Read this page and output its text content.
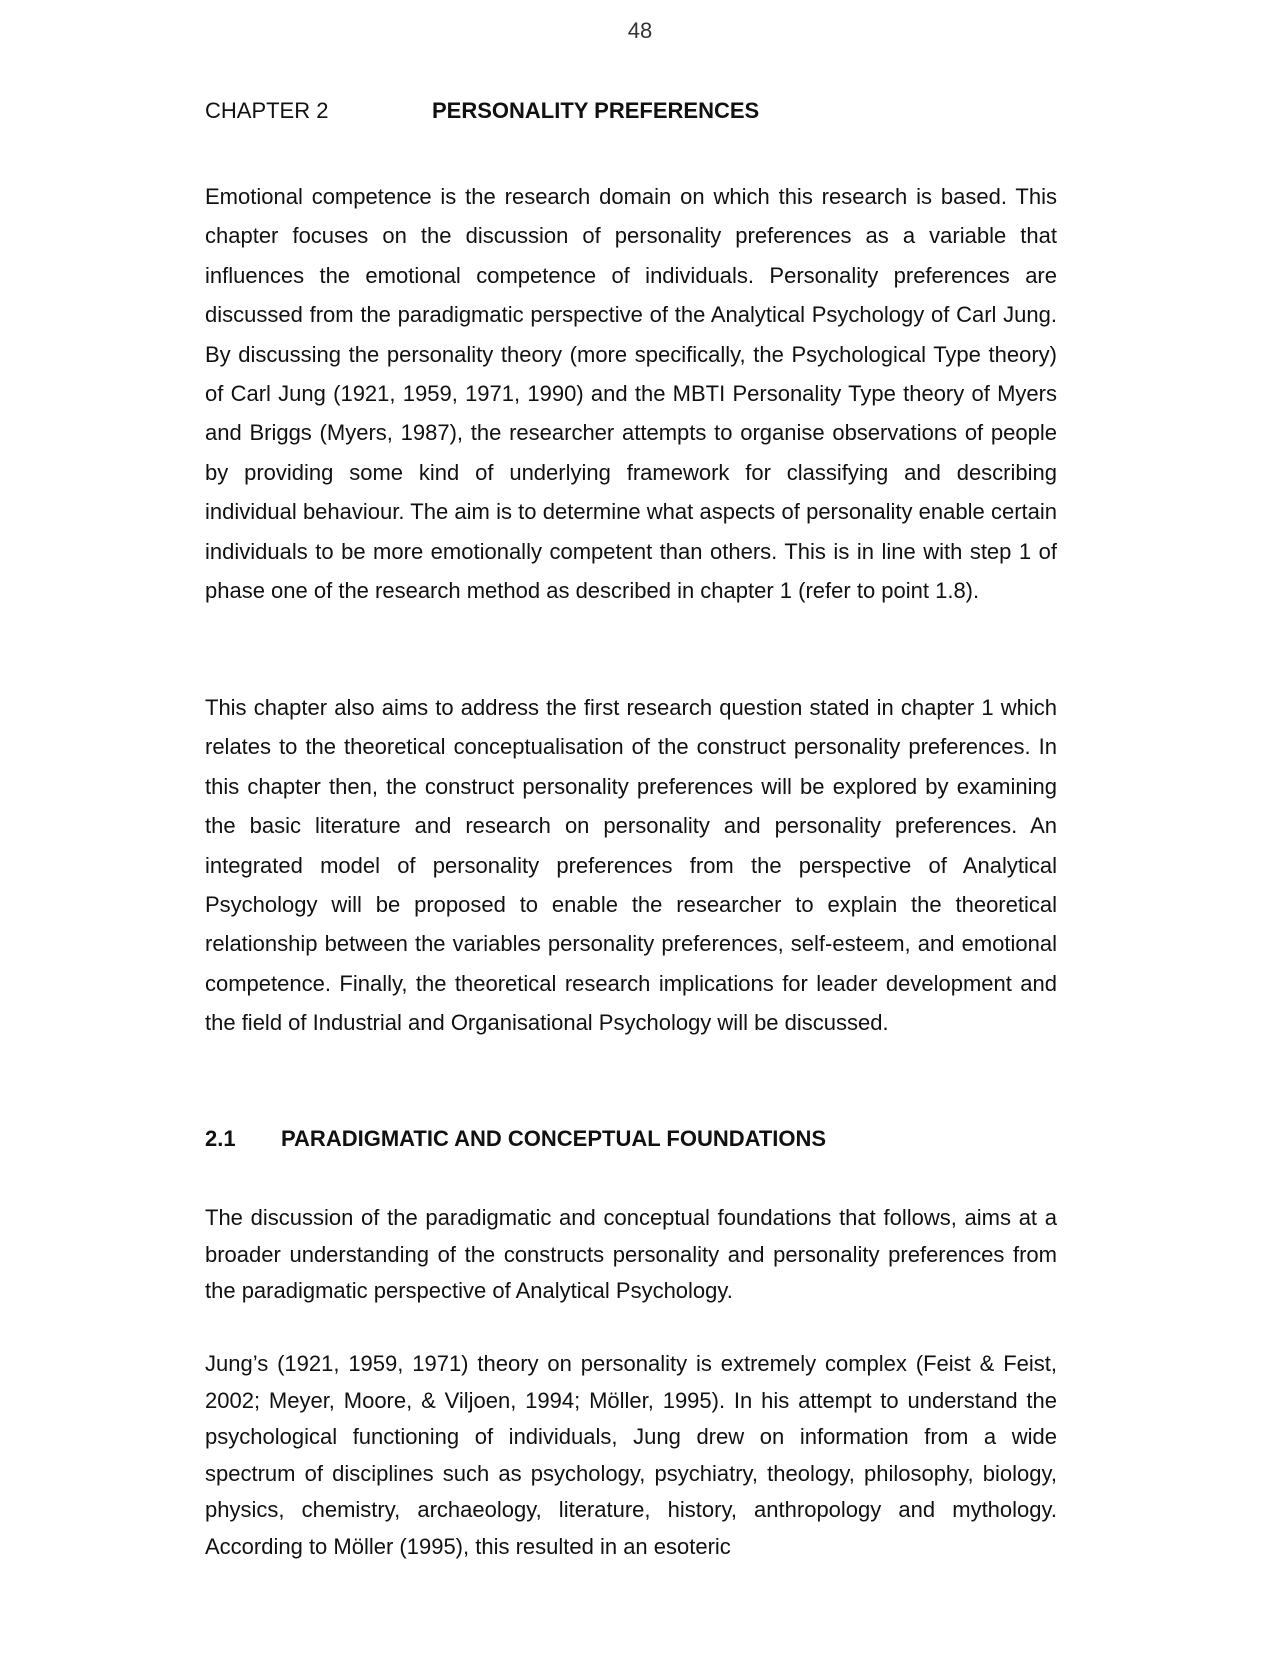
48
CHAPTER 2	PERSONALITY PREFERENCES

Emotional competence is the research domain on which this research is based. This chapter focuses on the discussion of personality preferences as a variable that influences the emotional competence of individuals. Personality preferences are discussed from the paradigmatic perspective of the Analytical Psychology of Carl Jung. By discussing the personality theory (more specifically, the Psychological Type theory) of Carl Jung (1921, 1959, 1971, 1990) and the MBTI Personality Type theory of Myers and Briggs (Myers, 1987), the researcher attempts to organise observations of people by providing some kind of underlying framework for classifying and describing individual behaviour. The aim is to determine what aspects of personality enable certain individuals to be more emotionally competent than others. This is in line with step 1 of phase one of the research method as described in chapter 1 (refer to point 1.8).

This chapter also aims to address the first research question stated in chapter 1 which relates to the theoretical conceptualisation of the construct personality preferences. In this chapter then, the construct personality preferences will be explored by examining the basic literature and research on personality and personality preferences. An integrated model of personality preferences from the perspective of Analytical Psychology will be proposed to enable the researcher to explain the theoretical relationship between the variables personality preferences, self-esteem, and emotional competence. Finally, the theoretical research implications for leader development and the field of Industrial and Organisational Psychology will be discussed.

2.1 PARADIGMATIC AND CONCEPTUAL FOUNDATIONS

The discussion of the paradigmatic and conceptual foundations that follows, aims at a broader understanding of the constructs personality and personality preferences from the paradigmatic perspective of Analytical Psychology.

Jung’s (1921, 1959, 1971) theory on personality is extremely complex (Feist & Feist, 2002; Meyer, Moore, & Viljoen, 1994; Möller, 1995). In his attempt to understand the psychological functioning of individuals, Jung drew on information from a wide spectrum of disciplines such as psychology, psychiatry, theology, philosophy, biology, physics, chemistry, archaeology, literature, history, anthropology and mythology. According to Möller (1995), this resulted in an esoteric
